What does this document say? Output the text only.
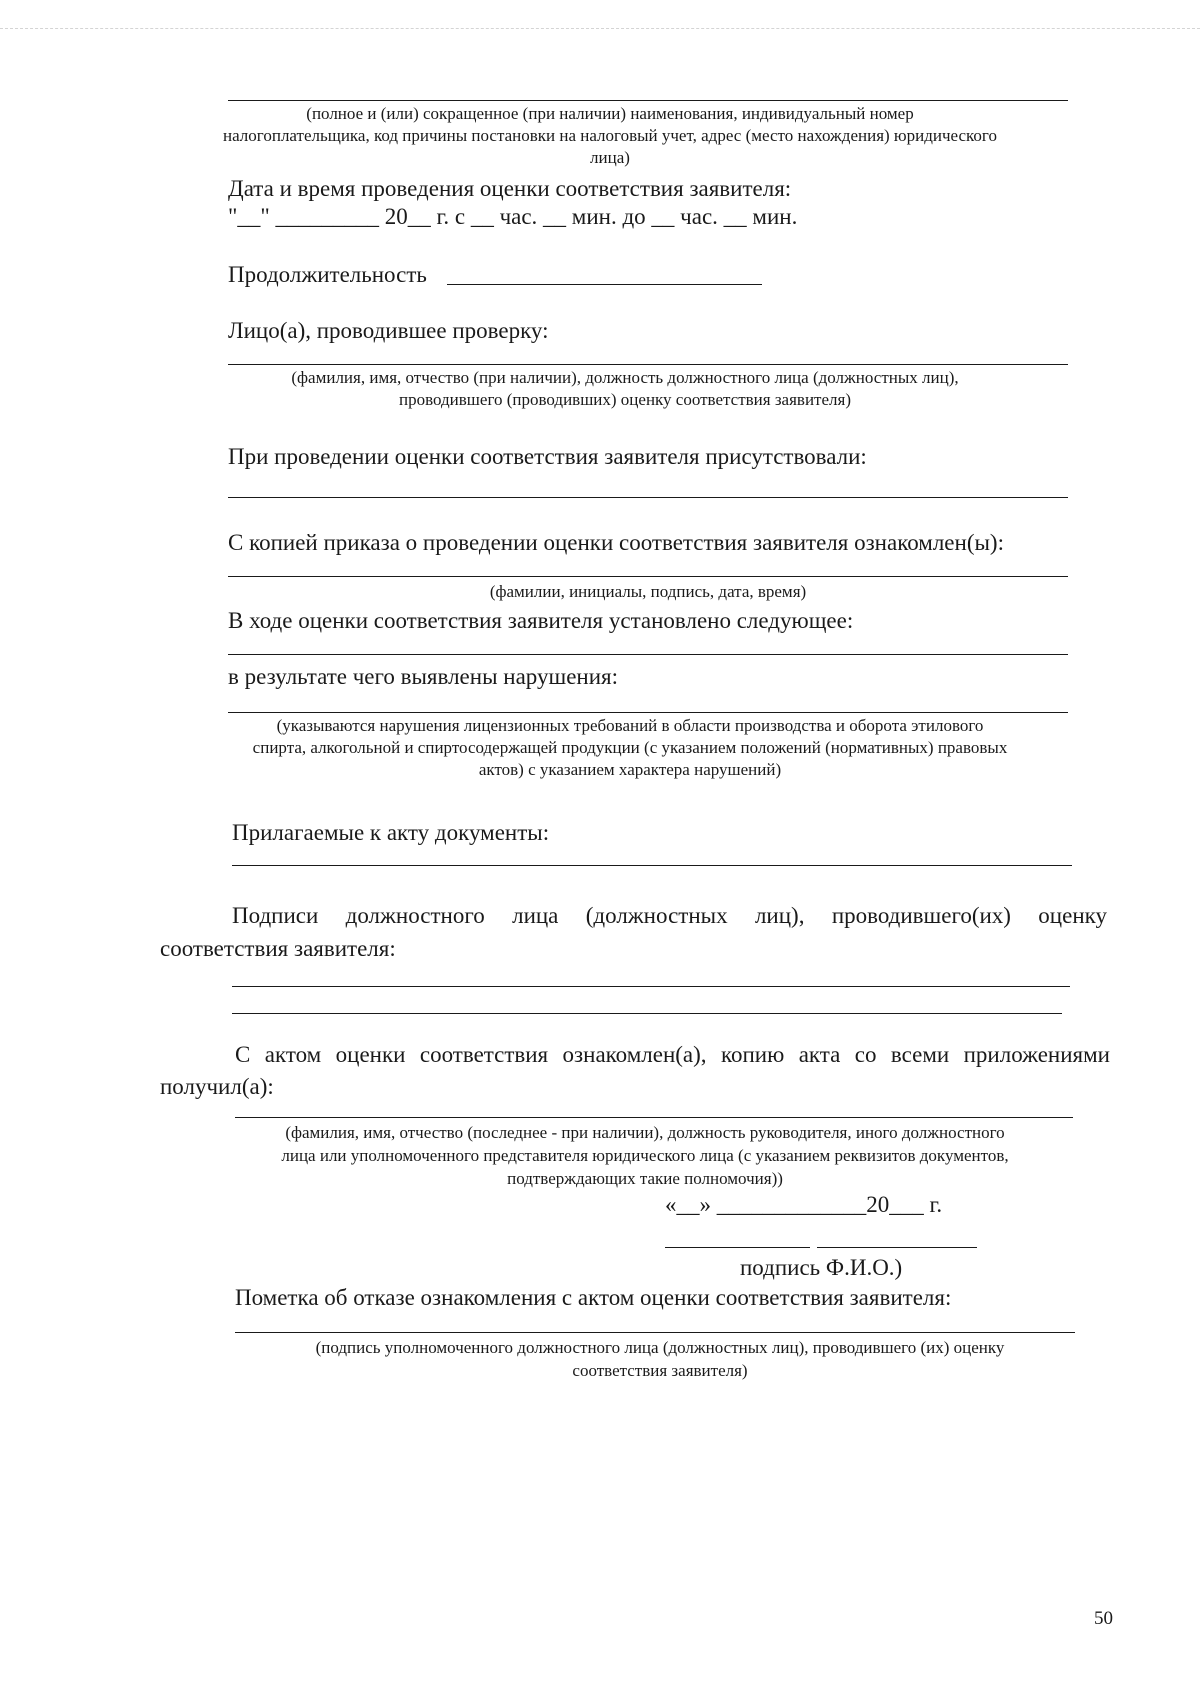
(полное и (или) сокращенное (при наличии) наименования, индивидуальный номер
налогоплательщика, код причины постановки на налоговый учет, адрес (место нахождения) юридического
лица)
Дата и время проведения оценки соответствия заявителя:
"__" _________ 20__ г. с __ час. __ мин. до __ час. __ мин.
Продолжительность
Лицо(а), проводившее проверку:
(фамилия, имя, отчество (при наличии), должность должностного лица (должностных лиц),
проводившего (проводивших) оценку соответствия заявителя)
При проведении оценки соответствия заявителя присутствовали:
С копией приказа о проведении оценки соответствия заявителя ознакомлен(ы):
(фамилии, инициалы, подпись, дата, время)
В ходе оценки соответствия заявителя установлено следующее:
в результате чего выявлены нарушения:
(указываются нарушения лицензионных требований в области производства и оборота этилового
спирта, алкогольной и спиртосодержащей продукции (с указанием положений (нормативных) правовых
актов) с указанием характера нарушений)
Прилагаемые к акту документы:
Подписи должностного лица (должностных лиц), проводившего(их) оценку
соответствия заявителя:
С актом оценки соответствия ознакомлен(а), копию акта со всеми приложениями
получил(а):
(фамилия, имя, отчество (последнее - при наличии), должность руководителя, иного должностного
лица или уполномоченного представителя юридического лица (с указанием реквизитов документов,
подтверждающих такие полномочия))
«__» _____________20___ г.
подпись Ф.И.О.)
Пометка об отказе ознакомления с актом оценки соответствия заявителя:
(подпись уполномоченного должностного лица (должностных лиц), проводившего (их) оценку
соответствия заявителя)
50
